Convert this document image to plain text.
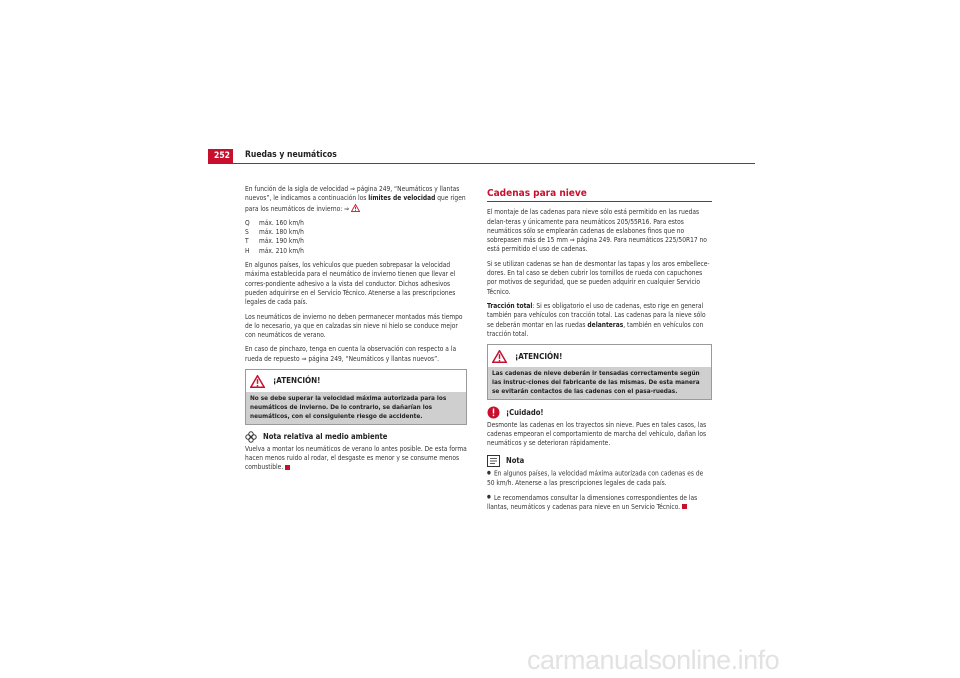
252	Ruedas y neumáticos

En función de la sigla de velocidad ⇒ página 249, “Neumáticos y llantas nuevos”, le indicamos a continuación los límites de velocidad que rigen para los neumáticos de invierno: ⇒

Q	máx. 160 km/h
S	máx. 180 km/h
T	máx. 190 km/h
H	máx. 210 km/h

En algunos países, los vehículos que pueden sobrepasar la velocidad máxima establecida para el neumático de invierno tienen que llevar el corres-pondiente adhesivo a la vista del conductor. Dichos adhesivos pueden adquirirse en el Servicio Técnico. Atenerse a las prescripciones legales de cada país.

Los neumáticos de invierno no deben permanecer montados más tiempo de lo necesario, ya que en calzadas sin nieve ni hielo se conduce mejor con neumáticos de verano.

En caso de pinchazo, tenga en cuenta la observación con respecto a la rueda de repuesto ⇒ página 249, “Neumáticos y llantas nuevos”.

¡ATENCIÓN!
No se debe superar la velocidad máxima autorizada para los neumáticos de invierno. De lo contrario, se dañarían los neumáticos, con el consiguiente riesgo de accidente.
Nota relativa al medio ambiente

Vuelva a montar los neumáticos de verano lo antes posible. De esta forma hacen menos ruido al rodar, el desgaste es menor y se consume menos combustible.

Cadenas para nieve

El montaje de las cadenas para nieve sólo está permitido en las ruedas delan-teras y únicamente para neumáticos 205/55R16. Para estos neumáticos sólo se emplearán cadenas de eslabones finos que no sobrepasen más de 15 mm ⇒ página 249. Para neumáticos 225/50R17 no está permitido el uso de cadenas.

Si se utilizan cadenas se han de desmontar las tapas y los aros embellece-dores. En tal caso se deben cubrir los tornillos de rueda con capuchones por motivos de seguridad, que se pueden adquirir en cualquier Servicio Técnico.

Tracción total: Si es obligatorio el uso de cadenas, esto rige en general también para vehículos con tracción total. Las cadenas para la nieve sólo se deberán montar en las ruedas delanteras, también en vehículos con tracción total.

¡ATENCIÓN!
Las cadenas de nieve deberán ir tensadas correctamente según las instruc-ciones del fabricante de las mismas. De esta manera se evitarán contactos de las cadenas con el pasa-ruedas.
¡Cuidado!

Desmonte las cadenas en los trayectos sin nieve. Pues en tales casos, las cadenas empeoran el comportamiento de marcha del vehículo, dañan los neumáticos y se deterioran rápidamente.

Nota

● En algunos países, la velocidad máxima autorizada con cadenas es de 50 km/h. Atenerse a las prescripciones legales de cada país.

● Le recomendamos consultar la dimensiones correspondientes de las llantas, neumáticos y cadenas para nieve en un Servicio Técnico.

carmanualsonline.info
